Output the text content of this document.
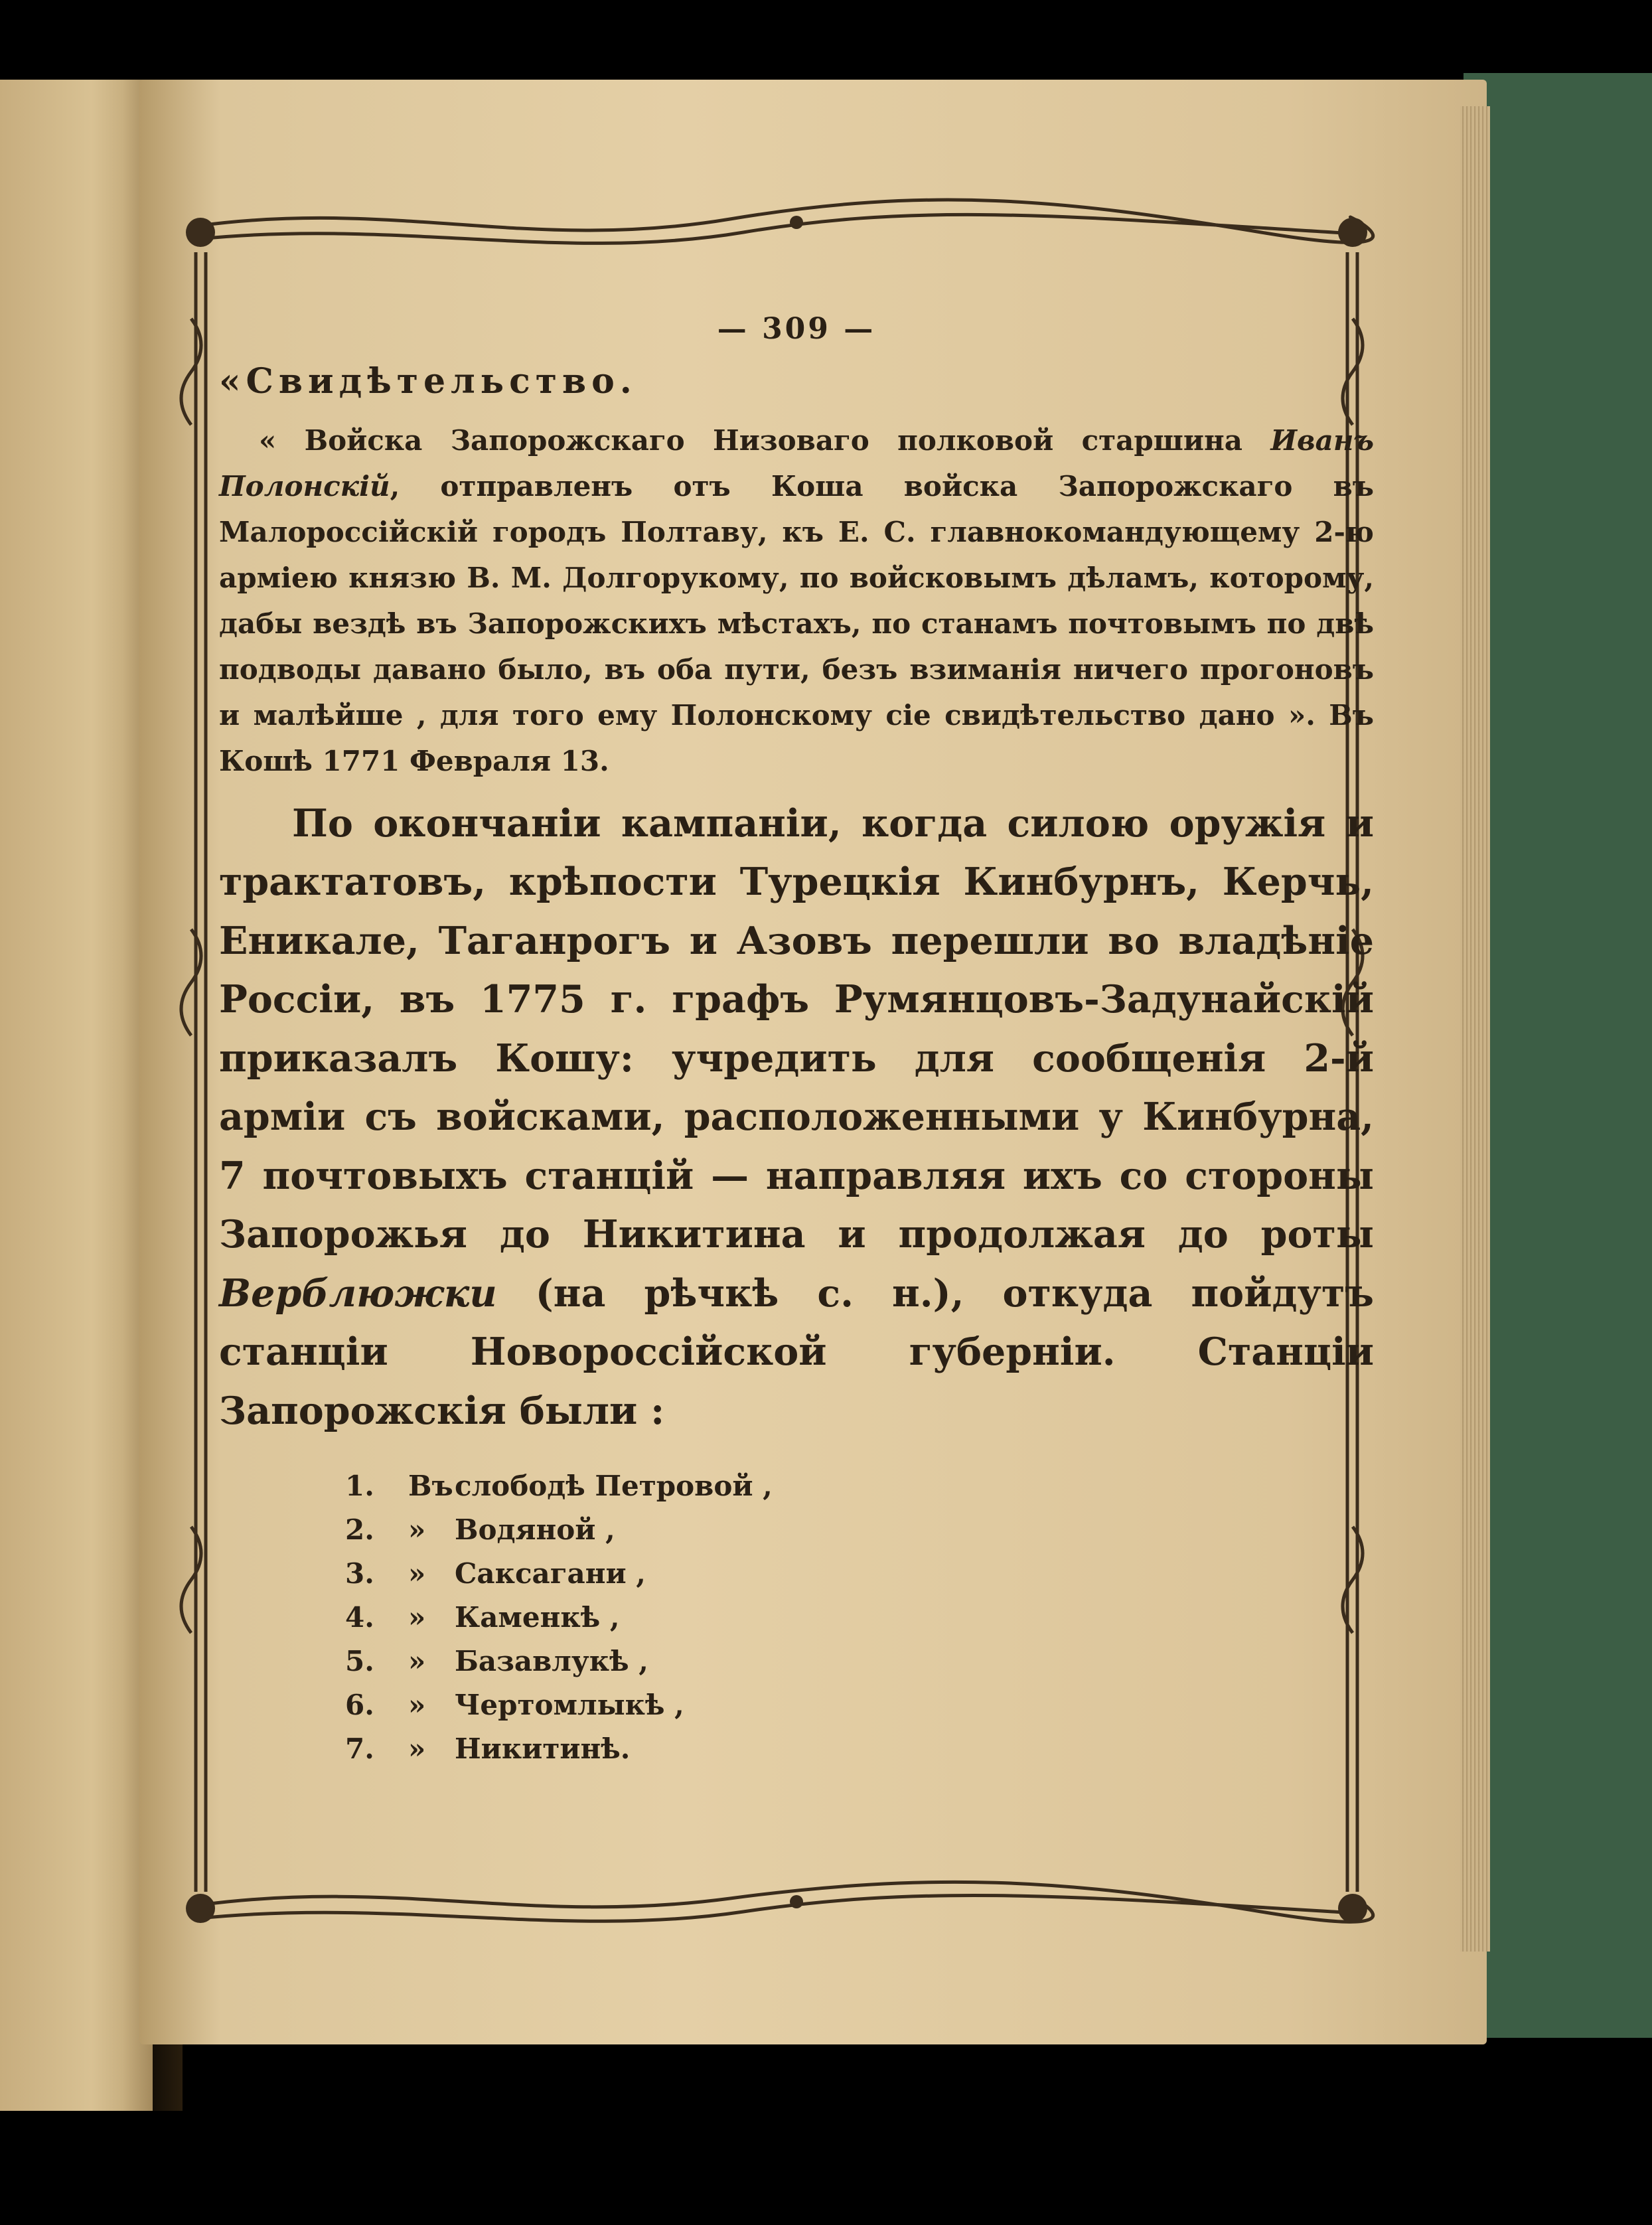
— 309 —
«Свидѣтельство.

« Войска Запорожскаго Низоваго полковой старшина Иванъ Полонскій, отправленъ отъ Коша войска Запорожскаго въ Малороссійскій городъ Полтаву, къ Е. С. главнокомандующему 2-ю арміею князю В. М. Долгорукому, по войсковымъ дѣламъ, которому, дабы вездѣ въ Запорожскихъ мѣстахъ, по станамъ почтовымъ по двѣ подводы давано было, въ оба пути, безъ взиманія ничего прогоновъ и малѣйше , для того ему Полонскому сіе свидѣтельство дано ». Въ Кошѣ 1771 Февраля 13.

По окончаніи кампаніи, когда силою оружія и трактатовъ, крѣпости Турецкія Кинбурнъ, Керчь, Еникале, Таганрогъ и Азовъ перешли во владѣніе Россіи, въ 1775 г. графъ Румянцовъ-Задунайскій приказалъ Кошу: учредить для сообщенія 2-й арміи съ войсками, расположенными у Кинбурна, 7 почтовыхъ станцій — направляя ихъ со стороны Запорожья до Никитина и продолжая до роты Верблюжки (на рѣчкѣ с. н.), откуда пойдутъ станціи Новороссійской губерніи. Станціи Запорожскія были :

1. Въслободѣ Петровой ,
2. » Водяной ,
3. » Саксагани ,
4. » Каменкѣ ,
5. » Базавлукѣ ,
6. » Чертомлыкѣ ,
7. » Никитинѣ.
